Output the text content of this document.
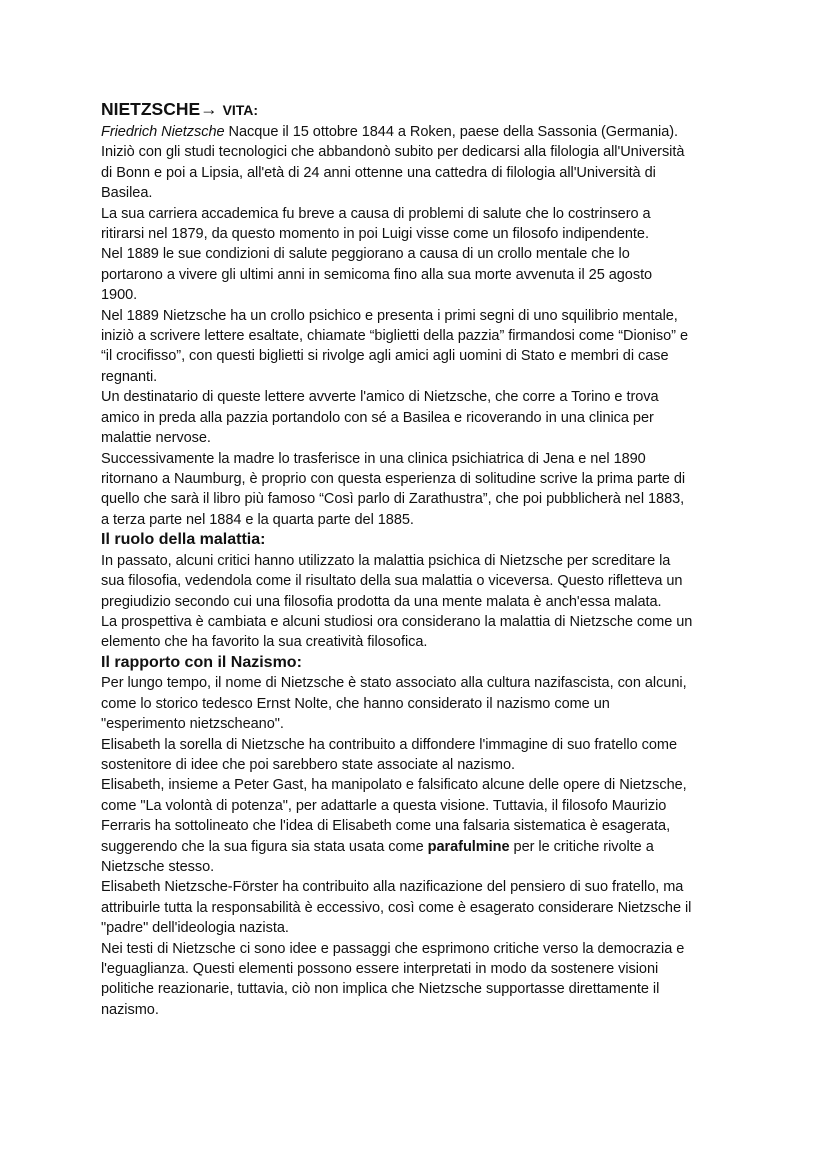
NIETZSCHE→ VITA:
Friedrich Nietzsche Nacque il 15 ottobre 1844 a Roken, paese della Sassonia (Germania).
Iniziò con gli studi tecnologici che abbandonò subito per dedicarsi alla filologia all'Università
di Bonn e poi a Lipsia, all'età di 24 anni ottenne una cattedra di filologia all'Università di
Basilea.
La sua carriera accademica fu breve a causa di problemi di salute che lo costrinsero a
ritirarsi nel 1879, da questo momento in poi Luigi visse come un filosofo indipendente.
Nel 1889 le sue condizioni di salute peggiorano a causa di un crollo mentale che lo
portarono a vivere gli ultimi anni in semicoma fino alla sua morte avvenuta il 25 agosto
1900.
Nel 1889 Nietzsche ha un crollo psichico e presenta i primi segni di uno squilibrio mentale,
iniziò a scrivere lettere esaltate, chiamate “biglietti della pazzia” firmandosi come “Dioniso” e
“il crocifisso”, con questi biglietti si rivolge agli amici agli uomini di Stato e membri di case
regnanti.
Un destinatario di queste lettere avverte l'amico di Nietzsche, che corre a Torino e trova
amico in preda alla pazzia portandolo con sé a Basilea e ricoverando in una clinica per
malattie nervose.
Successivamente la madre lo trasferisce in una clinica psichiatrica di Jena e nel 1890
ritornano a Naumburg, è proprio con questa esperienza di solitudine scrive la prima parte di
quello che sarà il libro più famoso “Così parlo di Zarathustra”, che poi pubblicherà nel 1883,
a terza parte nel 1884 e la quarta parte del 1885.
Il ruolo della malattia:
In passato, alcuni critici hanno utilizzato la malattia psichica di Nietzsche per screditare la
sua filosofia, vedendola come il risultato della sua malattia o viceversa. Questo rifletteva un
pregiudizio secondo cui una filosofia prodotta da una mente malata è anch'essa malata.
La prospettiva è cambiata e alcuni studiosi ora considerano la malattia di Nietzsche come un
elemento che ha favorito la sua creatività filosofica.
Il rapporto con il Nazismo:
Per lungo tempo, il nome di Nietzsche è stato associato alla cultura nazifascista, con alcuni,
come lo storico tedesco Ernst Nolte, che hanno considerato il nazismo come un
"esperimento nietzscheano".
Elisabeth la sorella di Nietzsche ha contribuito a diffondere l'immagine di suo fratello come
sostenitore di idee che poi sarebbero state associate al nazismo.
Elisabeth, insieme a Peter Gast, ha manipolato e falsificato alcune delle opere di Nietzsche,
come "La volontà di potenza", per adattarle a questa visione. Tuttavia, il filosofo Maurizio
Ferraris ha sottolineato che l'idea di Elisabeth come una falsaria sistematica è esagerata,
suggerendo che la sua figura sia stata usata come parafulmine per le critiche rivolte a
Nietzsche stesso.
Elisabeth Nietzsche-Förster ha contribuito alla nazificazione del pensiero di suo fratello, ma
attribuirle tutta la responsabilità è eccessivo, così come è esagerato considerare Nietzsche il
"padre" dell'ideologia nazista.
Nei testi di Nietzsche ci sono idee e passaggi che esprimono critiche verso la democrazia e
l'eguaglianza. Questi elementi possono essere interpretati in modo da sostenere visioni
politiche reazionarie, tuttavia, ciò non implica che Nietzsche supportasse direttamente il
nazismo.
